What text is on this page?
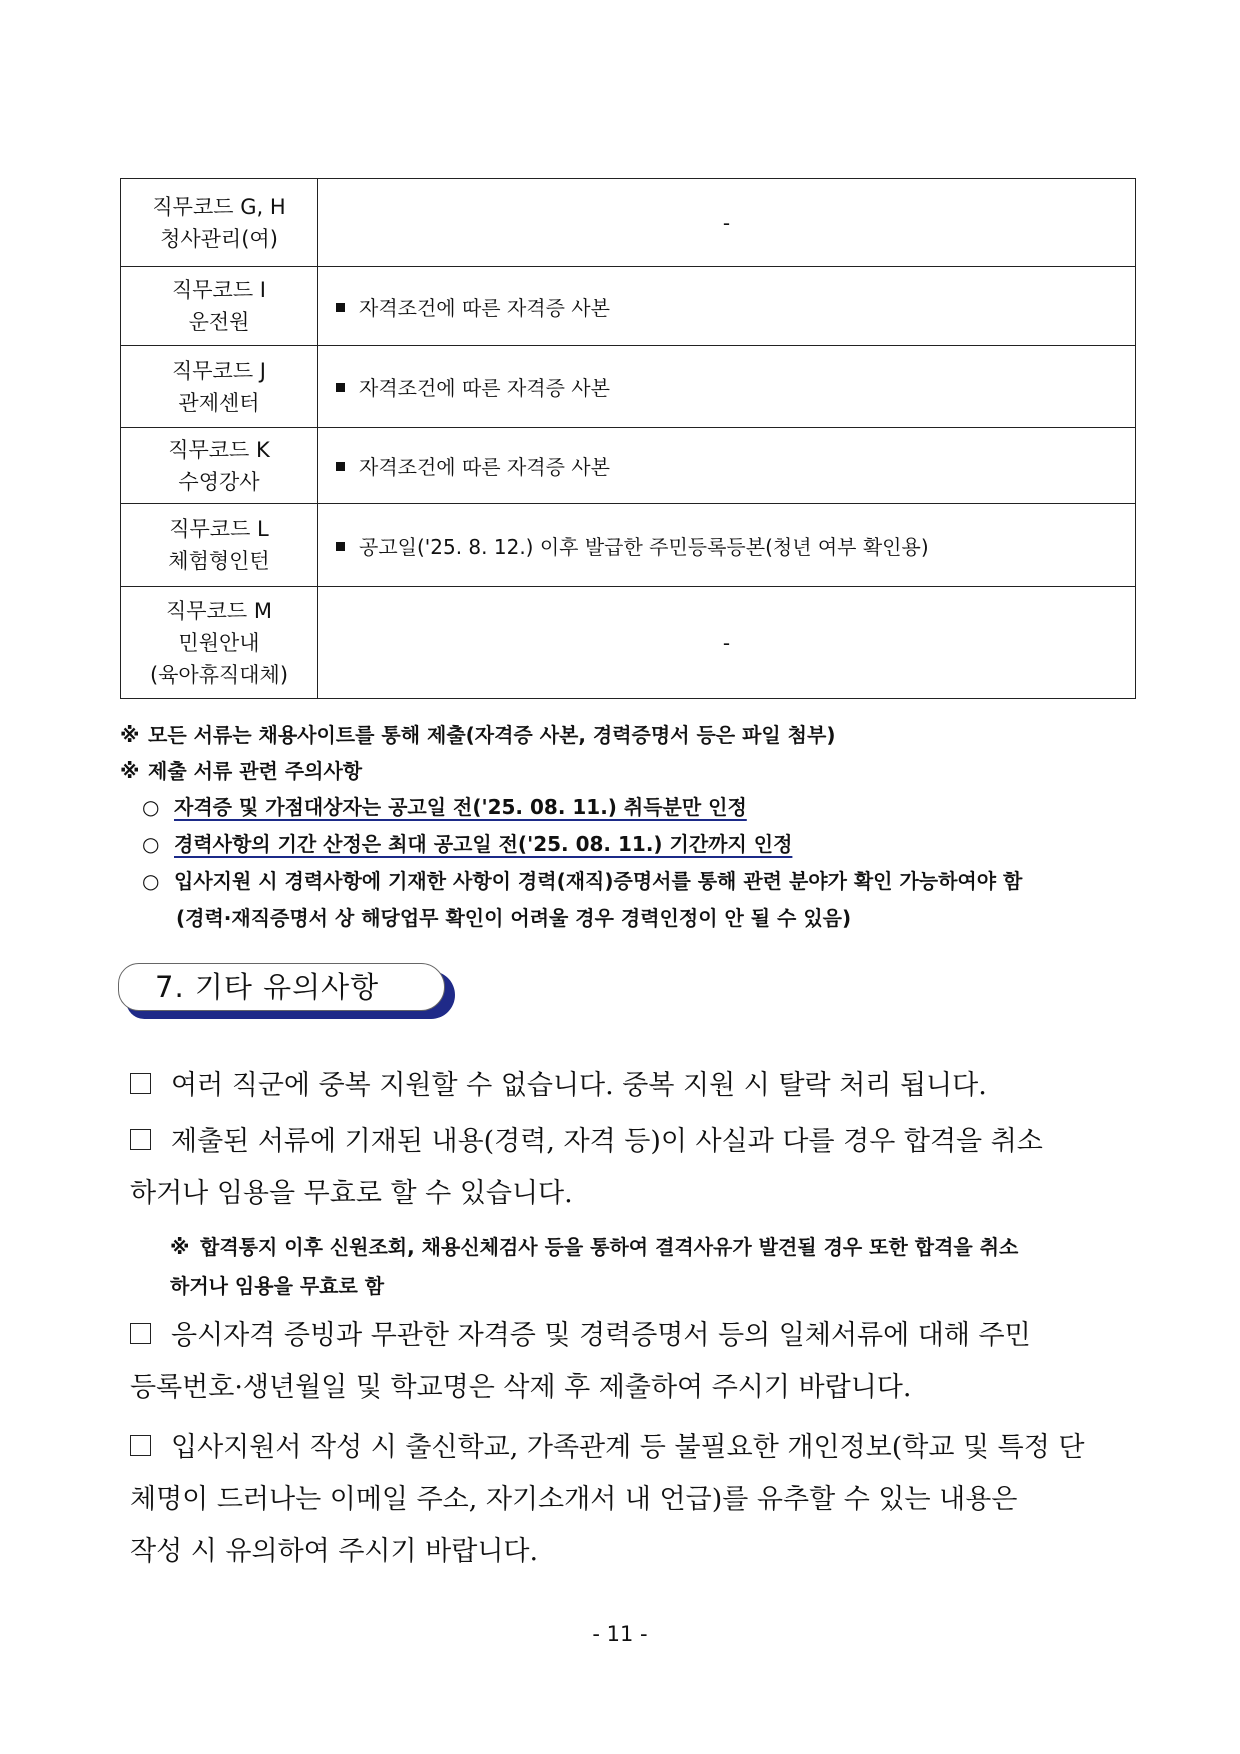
직무코드 G, H
청사관리(여)	-

직무코드 I
운전원	자격조건에 따른 자격증 사본

직무코드 J
관제센터	자격조건에 따른 자격증 사본

직무코드 K
수영강사	자격조건에 따른 자격증 사본

직무코드 L
체험형인턴	공고일('25. 8. 12.) 이후 발급한 주민등록등본(청년 여부 확인용)

직무코드 M
민원안내
(육아휴직대체)	-
※ 모든 서류는 채용사이트를 통해 제출(자격증 사본, 경력증명서 등은 파일 첨부)
※ 제출 서류 관련 주의사항
○ 자격증 및 가점대상자는 공고일 전('25. 08. 11.) 취득분만 인정
○ 경력사항의 기간 산정은 최대 공고일 전('25. 08. 11.) 기간까지 인정
○ 입사지원 시 경력사항에 기재한 사항이 경력(재직)증명서를 통해 관련 분야가 확인 가능하여야 함
(경력·재직증명서 상 해당업무 확인이 어려울 경우 경력인정이 안 될 수 있음)
7. 기타 유의사항
여러 직군에 중복 지원할 수 없습니다. 중복 지원 시 탈락 처리 됩니다.
제출된 서류에 기재된 내용(경력, 자격 등)이 사실과 다를 경우 합격을 취소
하거나 임용을 무효로 할 수 있습니다.
※ 합격통지 이후 신원조회, 채용신체검사 등을 통하여 결격사유가 발견될 경우 또한 합격을 취소
하거나 임용을 무효로 함
응시자격 증빙과 무관한 자격증 및 경력증명서 등의 일체서류에 대해 주민
등록번호·생년월일 및 학교명은 삭제 후 제출하여 주시기 바랍니다.
입사지원서 작성 시 출신학교, 가족관계 등 불필요한 개인정보(학교 및 특정 단
체명이 드러나는 이메일 주소, 자기소개서 내 언급)를 유추할 수 있는 내용은
작성 시 유의하여 주시기 바랍니다.
- 11 -
